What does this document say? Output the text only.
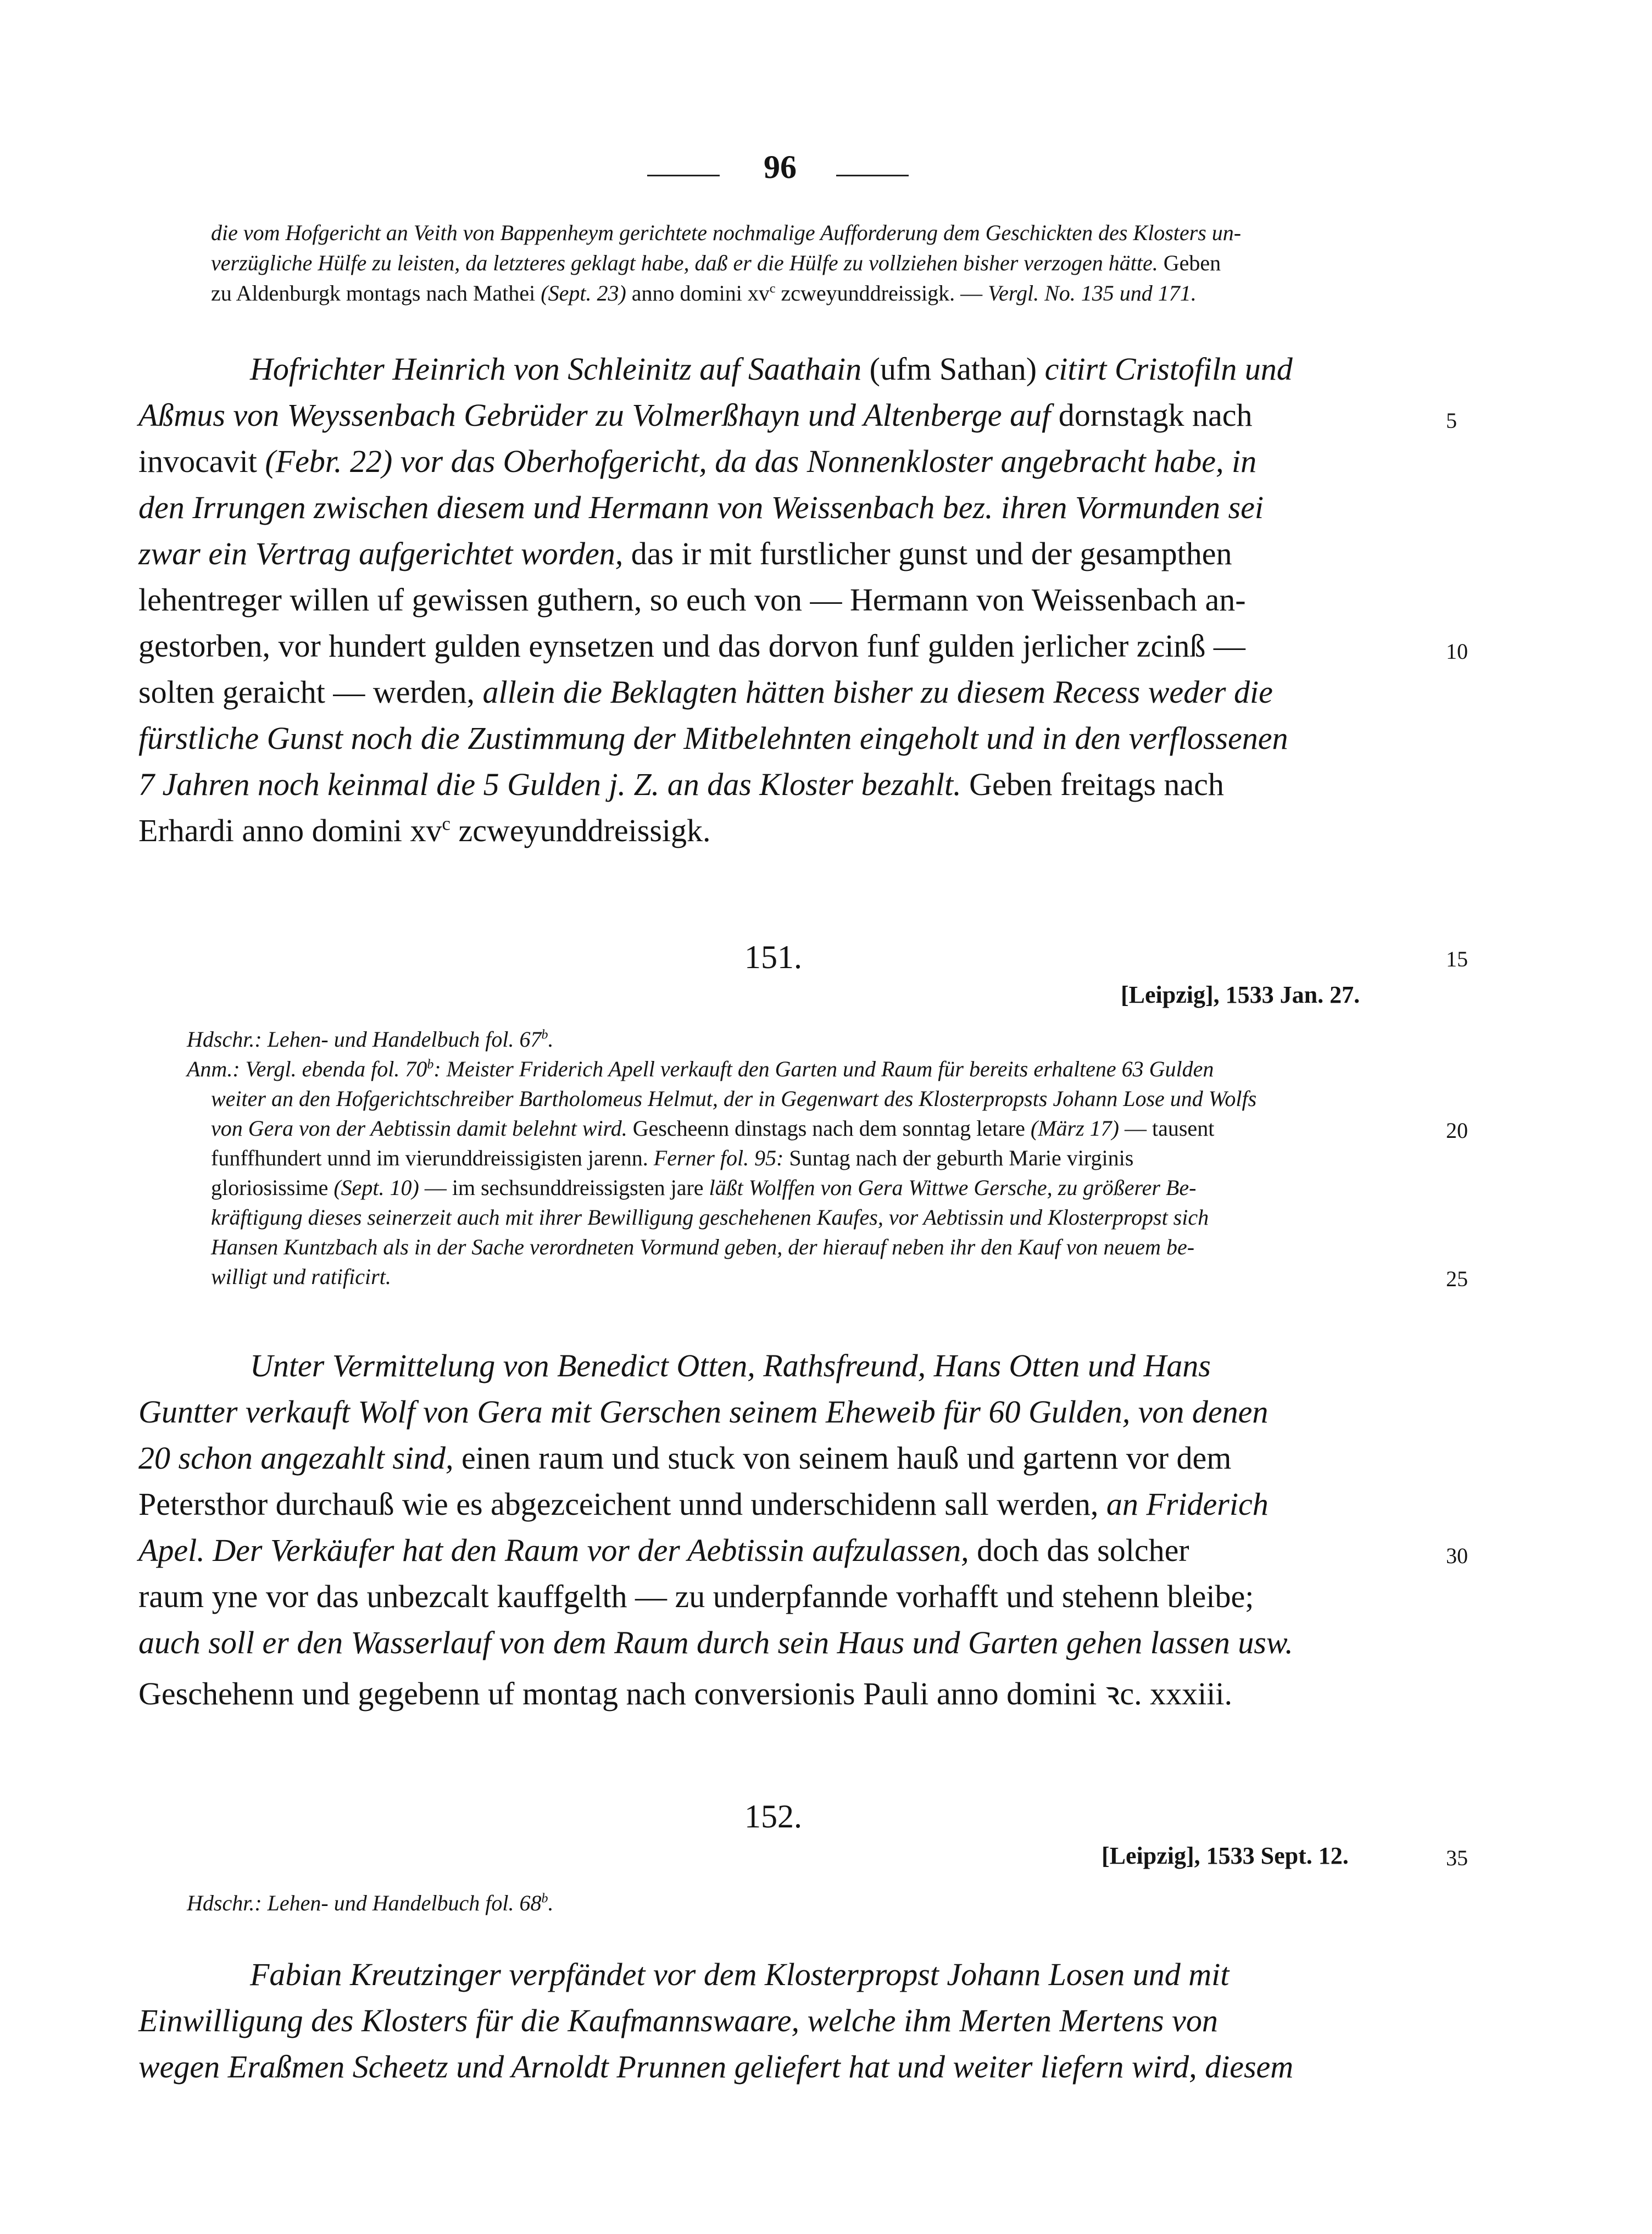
96
die vom Hofgericht an Veith von Bappenheym gerichtete nochmalige Aufforderung dem Geschickten des Klosters un-
verzügliche Hülfe zu leisten, da letzteres geklagt habe, daß er die Hülfe zu vollziehen bisher verzogen hätte. Geben
zu Aldenburgk montags nach Mathei (Sept. 23) anno domini $xv^c$ zcweyunddreissigk. — Vergl. No. 135 und 171.
Hofrichter Heinrich von Schleinitz auf Saathain (ufm Sathan) citirt Cristofiln und
Aßmus von Weyssenbach Gebrüder zu Volmerßhayn und Altenberge auf dornstagk nach
invocavit (Febr. 22) vor das Oberhofgericht, da das Nonnenkloster angebracht habe, in
den Irrungen zwischen diesem und Hermann von Weissenbach bez. ihren Vormunden sei
zwar ein Vertrag aufgerichtet worden, das ir mit furstlicher gunst und der gesampthen
lehentreger willen uf gewissen guthern, so euch von — Hermann von Weissenbach an-
gestorben, vor hundert gulden eynsetzen und das dorvon funf gulden jerlicher zcinß —
solten geraicht — werden, allein die Beklagten hätten bisher zu diesem Recess weder die
fürstliche Gunst noch die Zustimmung der Mitbelehnten eingeholt und in den verflossenen
7 Jahren noch keinmal die 5 Gulden j. Z. an das Kloster bezahlt. Geben freitags nach
Erhardi anno domini $xv^c$ zcweyunddreissigk.
151.
[Leipzig], 1533 Jan. 27.
Hdschr.: Lehen- und Handelbuch fol. 67$^b$.
Anm.: Vergl. ebenda fol. 70$^b$: Meister Friderich Apell verkauft den Garten und Raum für bereits erhaltene 63 Gulden
weiter an den Hofgerichtschreiber Bartholomeus Helmut, der in Gegenwart des Klosterpropsts Johann Lose und Wolfs
von Gera von der Aebtissin damit belehnt wird. Gescheenn dinstags nach dem sonntag letare (März 17) — tausent
funffhundert unnd im vierunddreissigisten jarenn. Ferner fol. 95: Suntag nach der geburth Marie virginis
gloriosissime (Sept. 10) — im sechsunddreissigsten jare läßt Wolffen von Gera Wittwe Gersche, zu größerer Be-
kräftigung dieses seinerzeit auch mit ihrer Bewilligung geschehenen Kaufes, vor Aebtissin und Klosterpropst sich
Hansen Kuntzbach als in der Sache verordneten Vormund geben, der hierauf neben ihr den Kauf von neuem be-
willigt und ratificirt.
Unter Vermittelung von Benedict Otten, Rathsfreund, Hans Otten und Hans
Guntter verkauft Wolf von Gera mit Gerschen seinem Eheweib für 60 Gulden, von denen
20 schon angezahlt sind, einen raum und stuck von seinem hauß und gartenn vor dem
Petersthor durchauß wie es abgezceichent unnd underschidenn sall werden, an Friderich
Apel. Der Verkäufer hat den Raum vor der Aebtissin aufzulassen, doch das solcher
raum yne vor das unbezcalt kauffgelth — zu underpfannde vorhafft und stehenn bleibe;
auch soll er den Wasserlauf von dem Raum durch sein Haus und Garten gehen lassen usw.
Geschehenn und gegebenn uf montag nach conversionis Pauli anno domini ꝛc. xxxiii.
152.
[Leipzig], 1533 Sept. 12.
Hdschr.: Lehen- und Handelbuch fol. 68$^b$.
Fabian Kreutzinger verpfändet vor dem Klosterpropst Johann Losen und mit
Einwilligung des Klosters für die Kaufmannswaare, welche ihm Merten Mertens von
wegen Eraßmen Scheetz und Arnoldt Prunnen geliefert hat und weiter liefern wird, diesem
5
10
15
20
25
30
35
